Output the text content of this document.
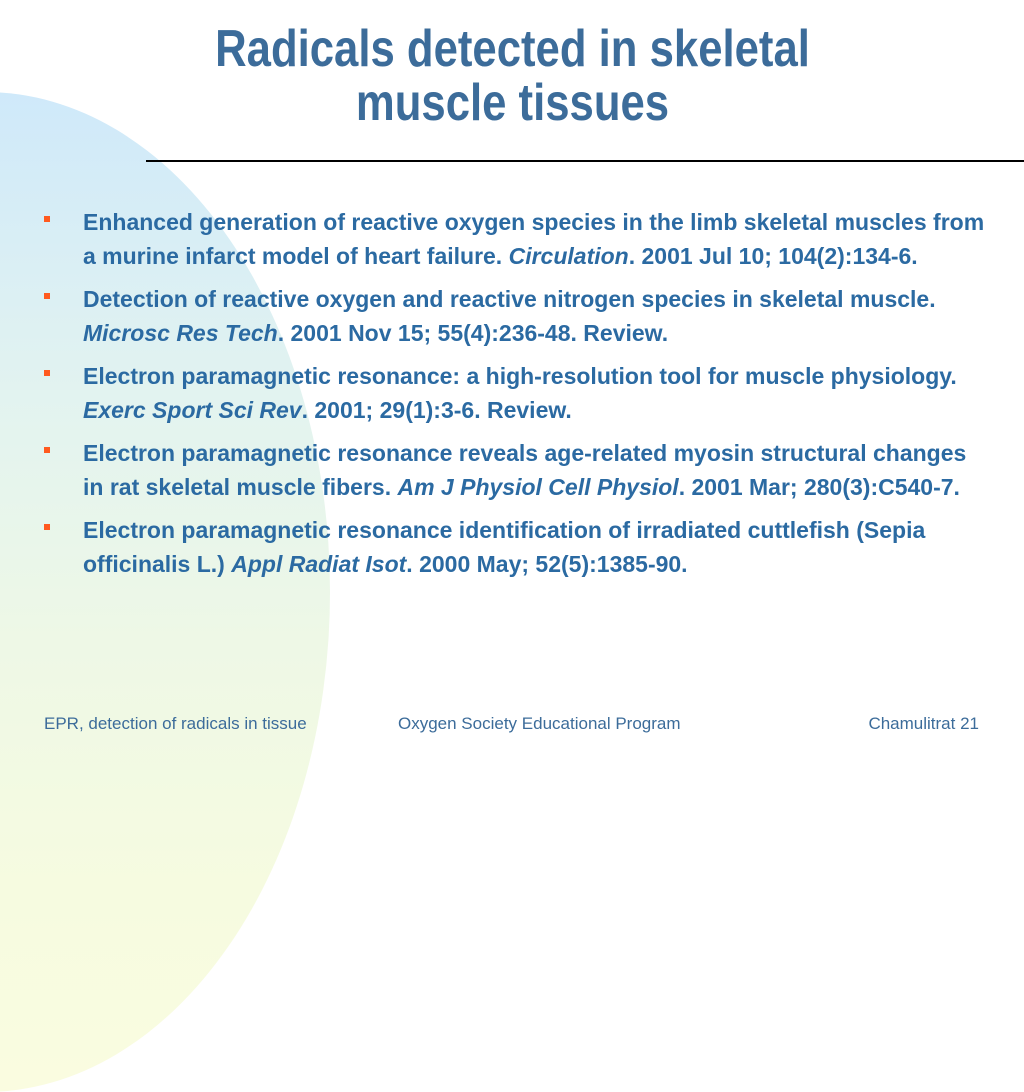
Radicals detected in skeletal
muscle tissues
Enhanced generation of reactive oxygen species in the limb skeletal muscles from a murine infarct model of heart failure. Circulation. 2001 Jul 10; 104(2):134-6.
Detection of reactive oxygen and reactive nitrogen species in skeletal muscle. Microsc Res Tech. 2001 Nov 15; 55(4):236-48. Review.
Electron paramagnetic resonance: a high-resolution tool for muscle physiology. Exerc Sport Sci Rev. 2001; 29(1):3-6. Review.
Electron paramagnetic resonance reveals age-related myosin structural changes in rat skeletal muscle fibers. Am J Physiol Cell Physiol. 2001 Mar; 280(3):C540-7.
Electron paramagnetic resonance identification of irradiated cuttlefish (Sepia officinalis L.) Appl Radiat Isot. 2000 May; 52(5):1385-90.
EPR, detection of radicals in tissue	Oxygen Society Educational Program	Chamulitrat 21
